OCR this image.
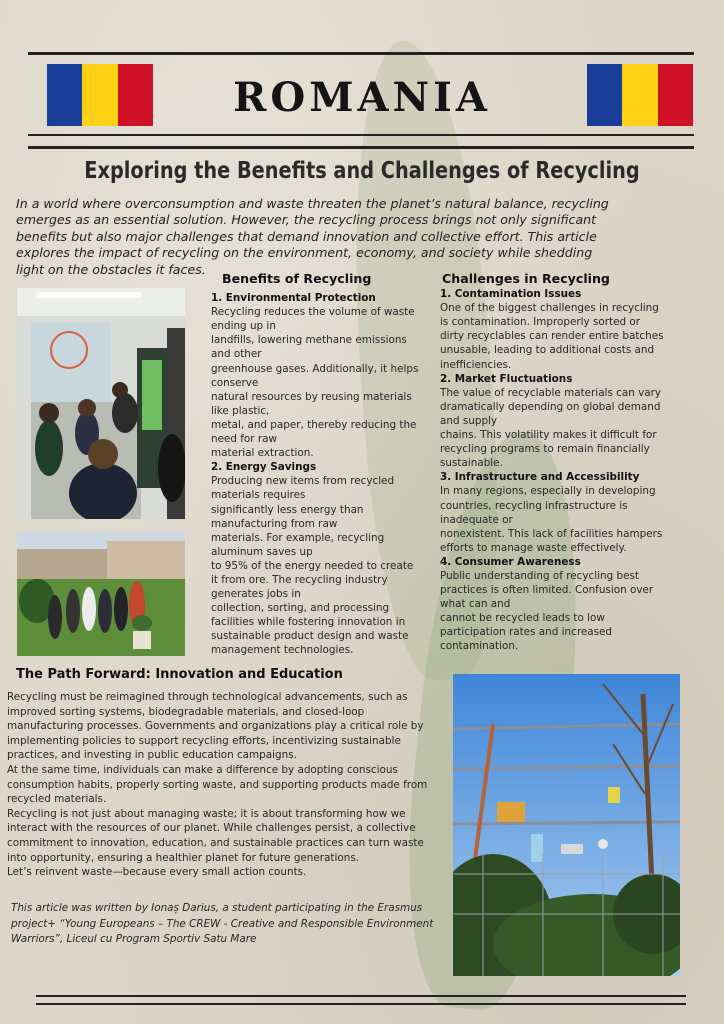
ROMANIA
Exploring the Benefits and Challenges of Recycling
In a world where overconsumption and waste threaten the planet’s natural balance, recycling emerges as an essential solution. However, the recycling process brings not only significant benefits but also major challenges that demand innovation and collective effort. This article explores the impact of recycling on the environment, economy, and society while shedding light on the obstacles it faces.
Benefits of Recycling
1. Environmental Protection

Recycling reduces the volume of waste ending up in
landfills, lowering methane emissions and other
greenhouse gases. Additionally, it helps conserve
natural resources by reusing materials like plastic,
metal, and paper, thereby reducing the need for raw
material extraction.

2. Energy Savings

Producing new items from recycled materials requires
significantly less energy than manufacturing from raw
materials. For example, recycling aluminum saves up
to 95% of the energy needed to create it from ore. The recycling industry generates jobs in
collection, sorting, and processing facilities while fostering innovation in sustainable product design and waste management technologies.

Challenges in Recycling
1. Contamination Issues

One of the biggest challenges in recycling is contamination. Improperly sorted or dirty recyclables can render entire batches unusable, leading to additional costs and inefficiencies.

2. Market Fluctuations

The value of recyclable materials can vary dramatically depending on global demand and supply
chains. This volatility makes it difficult for recycling programs to remain financially sustainable.

3. Infrastructure and Accessibility

In many regions, especially in developing countries, recycling infrastructure is inadequate or
nonexistent. This lack of facilities hampers efforts to manage waste effectively.

4. Consumer Awareness

Public understanding of recycling best practices is often limited. Confusion over what can and
cannot be recycled leads to low participation rates and increased contamination.

The Path Forward: Innovation and Education

Recycling must be reimagined through technological advancements, such as improved sorting systems, biodegradable materials, and closed-loop manufacturing processes. Governments and organizations play a critical role by implementing policies to support recycling efforts, incentivizing sustainable practices, and investing in public education campaigns.

At the same time, individuals can make a difference by adopting conscious consumption habits, properly sorting waste, and supporting products made from recycled materials.

Recycling is not just about managing waste; it is about transforming how we interact with the resources of our planet. While challenges persist, a collective commitment to innovation, education, and sustainable practices can turn waste into opportunity, ensuring a healthier planet for future generations.

Let’s reinvent waste—because every small action counts.

This article was written by Ionaș Darius, a student participating in the Erasmus project+ “Young Europeans – The CREW - Creative and Responsible Environment Warriors”, Liceul cu Program Sportiv Satu Mare
